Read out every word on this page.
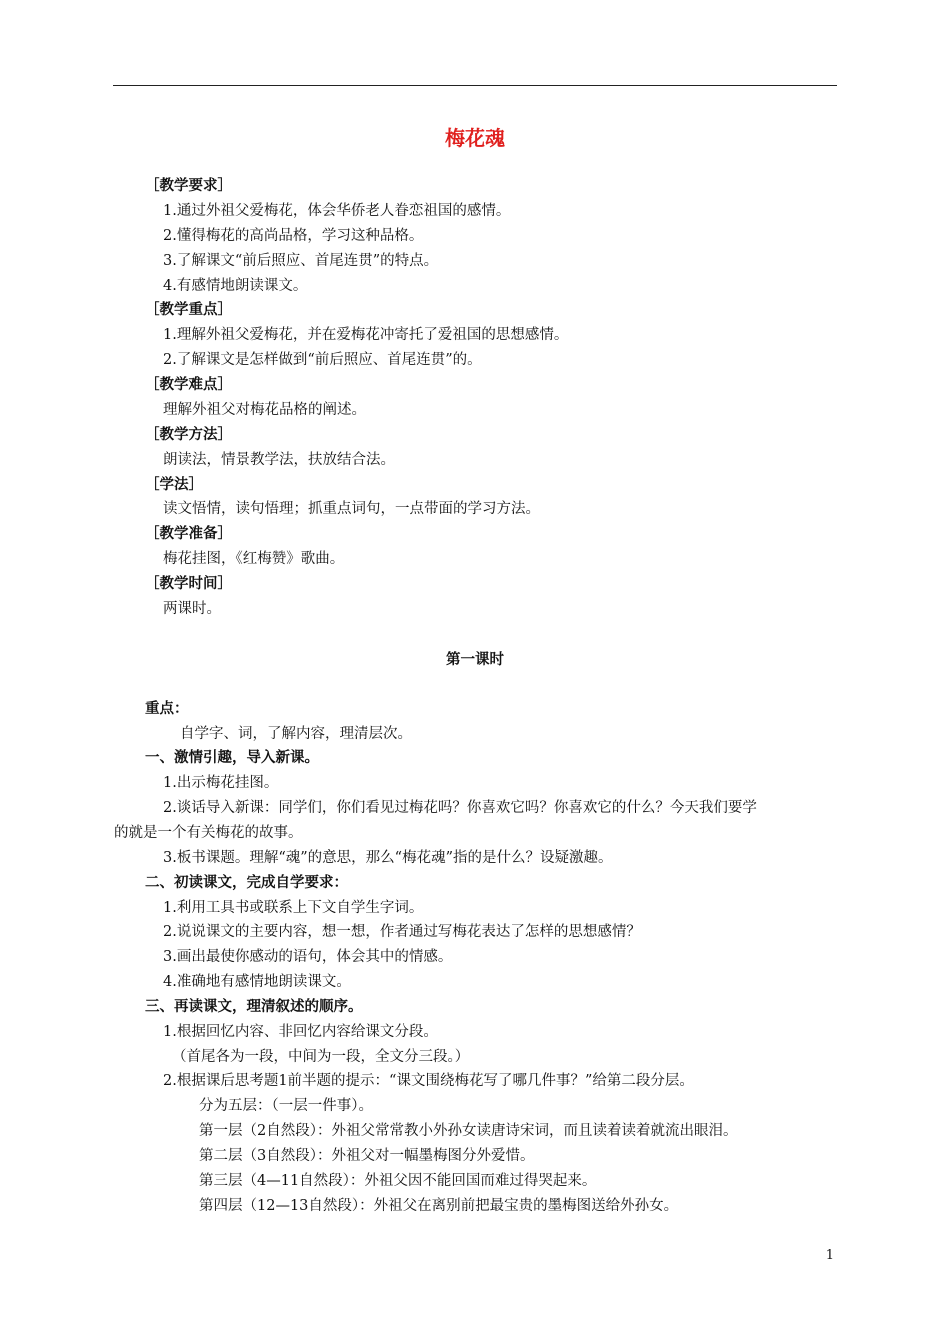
梅花魂
［教学要求］
1.通过外祖父爱梅花，体会华侨老人眷恋祖国的感情。
2.懂得梅花的高尚品格，学习这种品格。
3.了解课文“前后照应、首尾连贯”的特点。
4.有感情地朗读课文。
［教学重点］
1.理解外祖父爱梅花，并在爱梅花冲寄托了爱祖国的思想感情。
2.了解课文是怎样做到“前后照应、首尾连贯”的。
［教学难点］
理解外祖父对梅花品格的阐述。
［教学方法］
朗读法，情景教学法，扶放结合法。
［学法］
读文悟情，读句悟理；抓重点词句，一点带面的学习方法。
［教学准备］
梅花挂图，《红梅赞》歌曲。
［教学时间］
两课时。
第一课时
重点：
自学字、词，了解内容，理清层次。
一、激情引趣，导入新课。
1.出示梅花挂图。
2.谈话导入新课：同学们，你们看见过梅花吗？你喜欢它吗？你喜欢它的什么？今天我们要学
的就是一个有关梅花的故事。
3.板书课题。理解“魂”的意思，那么“梅花魂”指的是什么？设疑激趣。
二、初读课文，完成自学要求：
1.利用工具书或联系上下文自学生字词。
2.说说课文的主要内容，想一想，作者通过写梅花表达了怎样的思想感情？
3.画出最使你感动的语句，体会其中的情感。
4.准确地有感情地朗读课文。
三、再读课文，理清叙述的顺序。
1.根据回忆内容、非回忆内容给课文分段。
（首尾各为一段，中间为一段，全文分三段。）
2.根据课后思考题1前半题的提示：“课文围绕梅花写了哪几件事？”给第二段分层。
分为五层：（一层一件事）。
第一层（2自然段）：外祖父常常教小外孙女读唐诗宋词，而且读着读着就流出眼泪。
第二层（3自然段）：外祖父对一幅墨梅图分外爱惜。
第三层（4—11自然段）：外祖父因不能回国而难过得哭起来。
第四层（12—13自然段）：外祖父在离别前把最宝贵的墨梅图送给外孙女。
1
